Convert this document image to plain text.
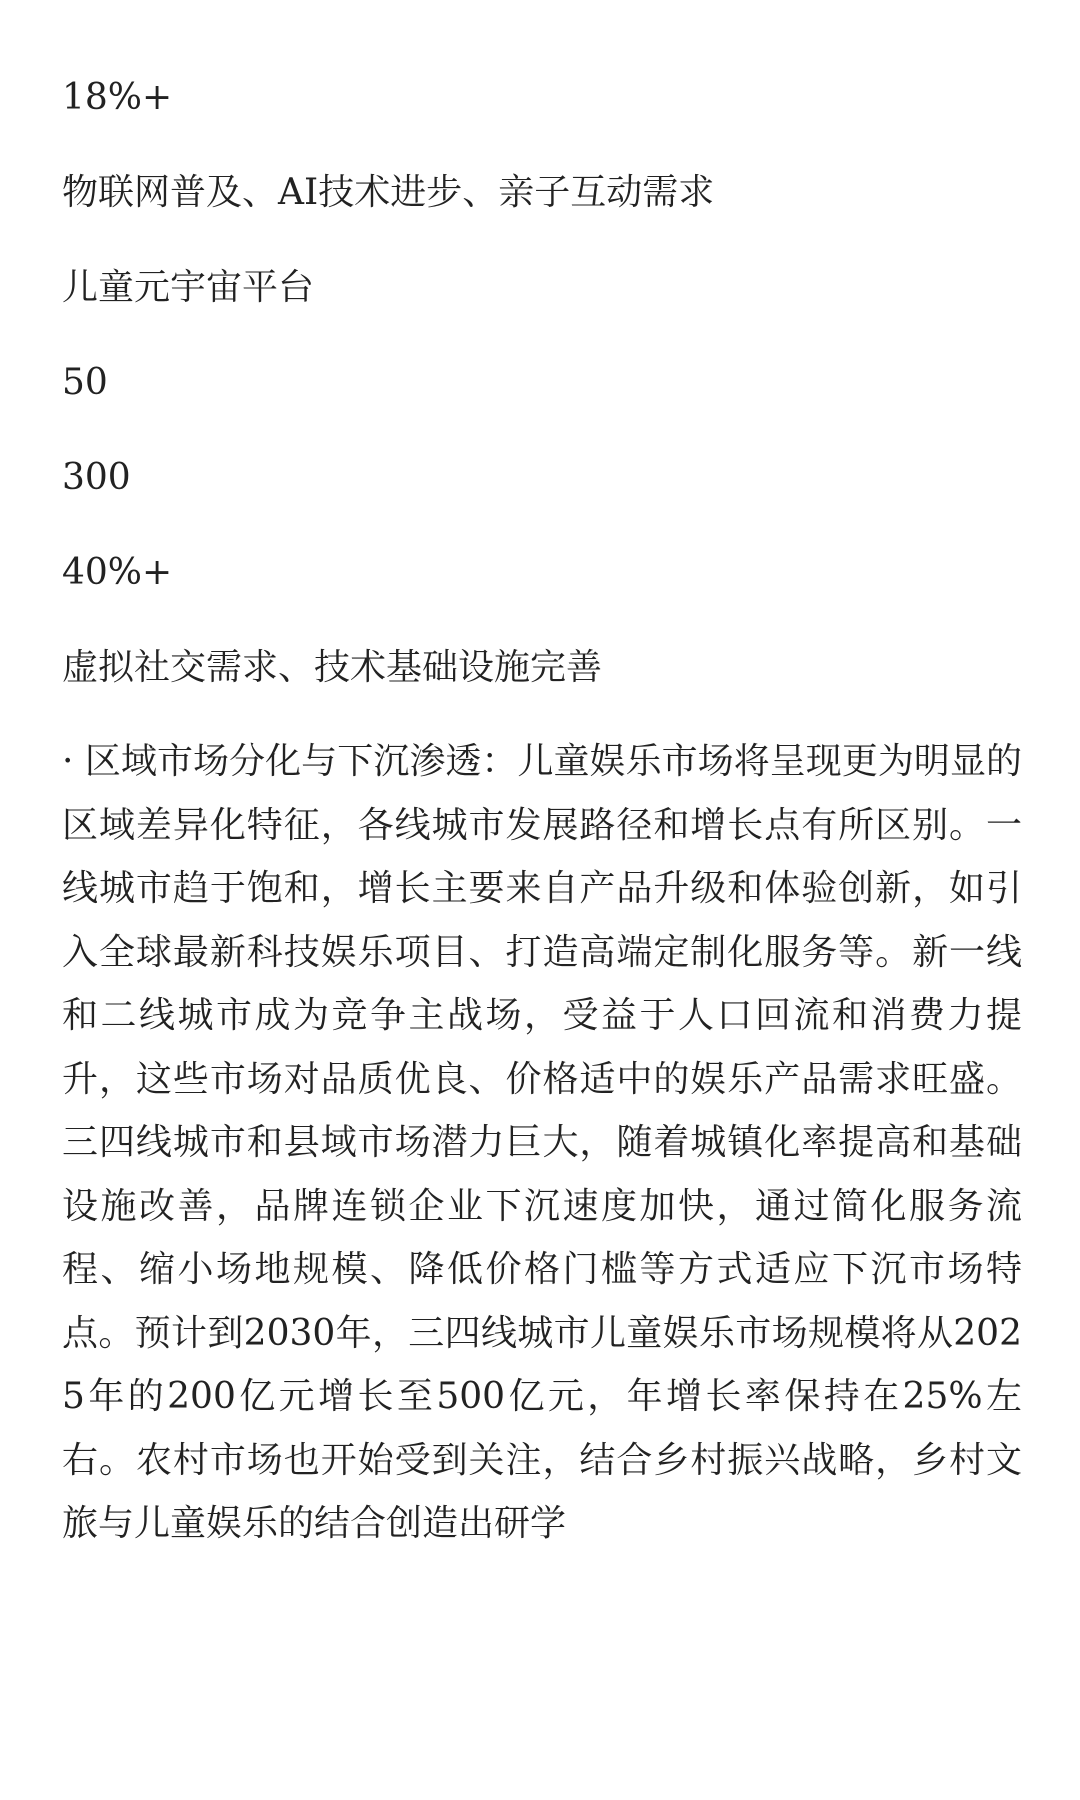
18%+
物联网普及、AI技术进步、亲子互动需求
儿童元宇宙平台
50
300
40%+
虚拟社交需求、技术基础设施完善

· 区域市场分化与下沉渗透：儿童娱乐市场将呈现更为明显的区域差异化特征，各线城市发展路径和增长点有所区别。一线城市趋于饱和，增长主要来自产品升级和体验创新，如引入全球最新科技娱乐项目、打造高端定制化服务等。新一线和二线城市成为竞争主战场，受益于人口回流和消费力提升，这些市场对品质优良、价格适中的娱乐产品需求旺盛。三四线城市和县域市场潜力巨大，随着城镇化率提高和基础设施改善，品牌连锁企业下沉速度加快，通过简化服务流程、缩小场地规模、降低价格门槛等方式适应下沉市场特点。预计到2030年，三四线城市儿童娱乐市场规模将从2025年的200亿元增长至500亿元，年增长率保持在25%左右。农村市场也开始受到关注，结合乡村振兴战略，乡村文旅与儿童娱乐的结合创造出研学
